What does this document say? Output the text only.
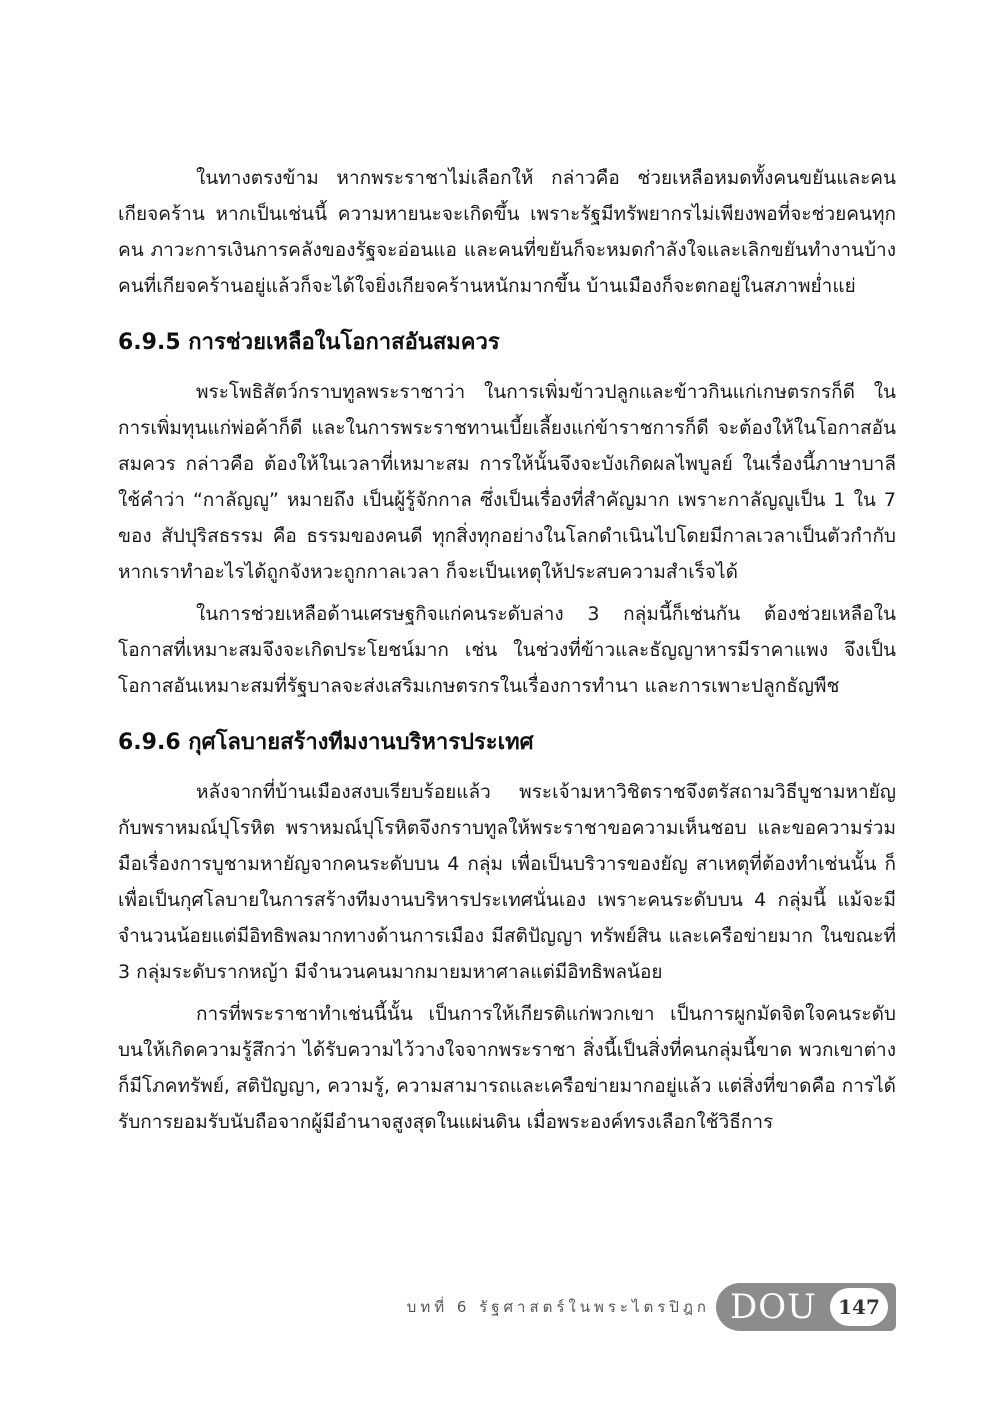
ในทางตรงข้าม หากพระราชาไม่เลือกให้ กล่าวคือ ช่วยเหลือหมดทั้งคนขยันและคนเกียจคร้าน หากเป็นเช่นนี้ ความหายนะจะเกิดขึ้น เพราะรัฐมีทรัพยากรไม่เพียงพอที่จะช่วยคนทุกคน ภาวะการเงินการคลังของรัฐจะอ่อนแอ และคนที่ขยันก็จะหมดกำลังใจและเลิกขยันทำงานบ้าง คนที่เกียจคร้านอยู่แล้วก็จะได้ใจยิ่งเกียจคร้านหนักมากขึ้น บ้านเมืองก็จะตกอยู่ในสภาพย่ำแย่

6.9.5 การช่วยเหลือในโอกาสอันสมควร

พระโพธิสัตว์กราบทูลพระราชาว่า ในการเพิ่มข้าวปลูกและข้าวกินแก่เกษตรกรก็ดี ในการเพิ่มทุนแก่พ่อค้าก็ดี และในการพระราชทานเบี้ยเลี้ยงแก่ข้าราชการก็ดี จะต้องให้ในโอกาสอันสมควร กล่าวคือ ต้องให้ในเวลาที่เหมาะสม การให้นั้นจึงจะบังเกิดผลไพบูลย์ ในเรื่องนี้ภาษาบาลีใช้คำว่า “กาลัญญู” หมายถึง เป็นผู้รู้จักกาล ซึ่งเป็นเรื่องที่สำคัญมาก เพราะกาลัญญูเป็น 1 ใน 7 ของ สัปปุริสธรรม คือ ธรรมของคนดี ทุกสิ่งทุกอย่างในโลกดำเนินไปโดยมีกาลเวลาเป็นตัวกำกับ หากเราทำอะไรได้ถูกจังหวะถูกกาลเวลา ก็จะเป็นเหตุให้ประสบความสำเร็จได้

ในการช่วยเหลือด้านเศรษฐกิจแก่คนระดับล่าง 3 กลุ่มนี้ก็เช่นกัน ต้องช่วยเหลือในโอกาสที่เหมาะสมจึงจะเกิดประโยชน์มาก เช่น ในช่วงที่ข้าวและธัญญาหารมีราคาแพง จึงเป็นโอกาสอันเหมาะสมที่รัฐบาลจะส่งเสริมเกษตรกรในเรื่องการทำนา และการเพาะปลูกธัญพืช

6.9.6 กุศโลบายสร้างทีมงานบริหารประเทศ

หลังจากที่บ้านเมืองสงบเรียบร้อยแล้ว พระเจ้ามหาวิชิตราชจึงตรัสถามวิธีบูชามหายัญกับพราหมณ์ปุโรหิต พราหมณ์ปุโรหิตจึงกราบทูลให้พระราชาขอความเห็นชอบ และขอความร่วมมือเรื่องการบูชามหายัญจากคนระดับบน 4 กลุ่ม เพื่อเป็นบริวารของยัญ สาเหตุที่ต้องทำเช่นนั้น ก็เพื่อเป็นกุศโลบายในการสร้างทีมงานบริหารประเทศนั่นเอง เพราะคนระดับบน 4 กลุ่มนี้ แม้จะมีจำนวนน้อยแต่มีอิทธิพลมากทางด้านการเมือง มีสติปัญญา ทรัพย์สิน และเครือข่ายมาก ในขณะที่ 3 กลุ่มระดับรากหญ้า มีจำนวนคนมากมายมหาศาลแต่มีอิทธิพลน้อย

การที่พระราชาทำเช่นนี้นั้น เป็นการให้เกียรติแก่พวกเขา เป็นการผูกมัดจิตใจคนระดับบนให้เกิดความรู้สึกว่า ได้รับความไว้วางใจจากพระราชา สิ่งนี้เป็นสิ่งที่คนกลุ่มนี้ขาด พวกเขาต่างก็มีโภคทรัพย์, สติปัญญา, ความรู้, ความสามารถและเครือข่ายมากอยู่แล้ว แต่สิ่งที่ขาดคือ การได้รับการยอมรับนับถือจากผู้มีอำนาจสูงสุดในแผ่นดิน เมื่อพระองค์ทรงเลือกใช้วิธีการ

บทที่ 6 รัฐศาสตร์ในพระไตรปิฎก DOU	147
